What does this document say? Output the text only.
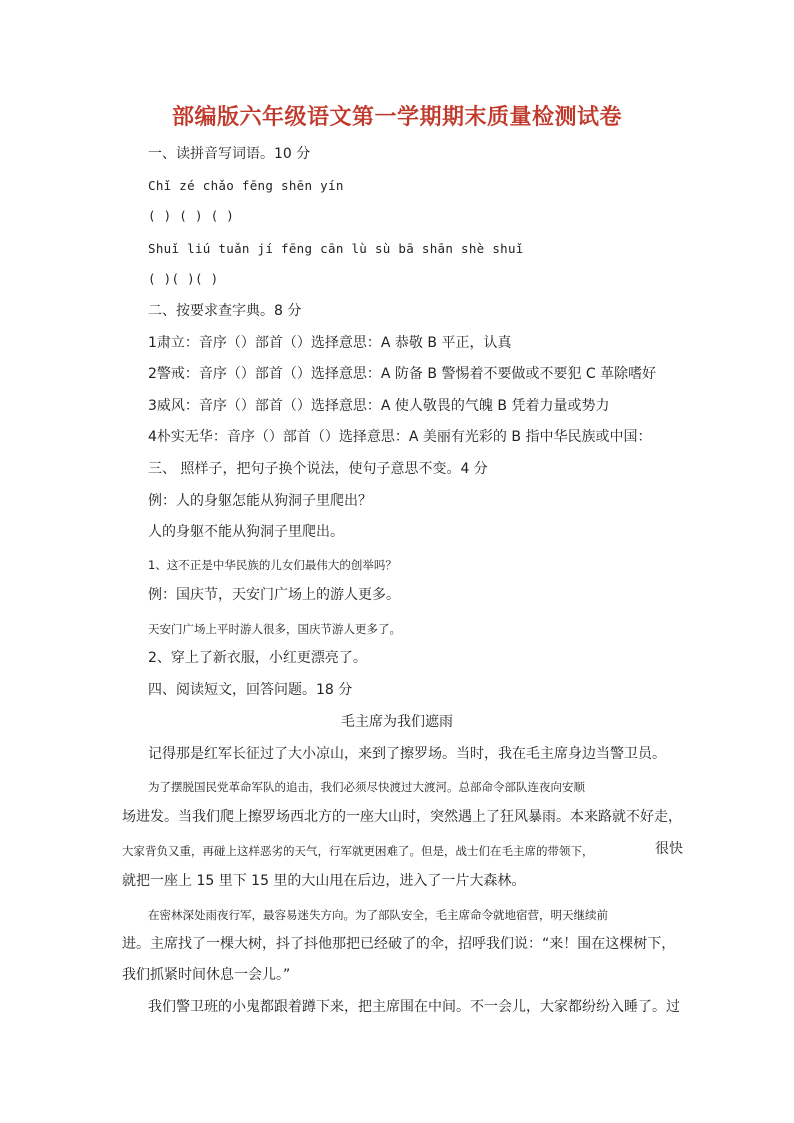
部编版六年级语文第一学期期末质量检测试卷
一、读拼音写词语。10 分
Chǐ zé chǎo fēng shēn yín
( ) ( ) ( )
Shuǐ liú tuǎn jí fēng cān lù sù bā shān shè shuǐ
( )( )( )
二、按要求查字典。8 分
1肃立：音序（）部首（）选择意思：A 恭敬 B 平正，认真
2警戒：音序（）部首（）选择意思：A 防备 B 警惕着不要做或不要犯 C 革除嗜好
3威风：音序（）部首（）选择意思：A 使人敬畏的气魄 B 凭着力量或势力
4朴实无华：音序（）部首（）选择意思：A 美丽有光彩的 B 指中华民族或中国：
三、 照样子，把句子换个说法，使句子意思不变。4 分
例：人的身躯怎能从狗洞子里爬出？
人的身躯不能从狗洞子里爬出。
1、这不正是中华民族的儿女们最伟大的创举吗？
例：国庆节，天安门广场上的游人更多。
天安门广场上平时游人很多，国庆节游人更多了。
2、穿上了新衣服，小红更漂亮了。
四、阅读短文，回答问题。18 分
毛主席为我们遮雨
记得那是红军长征过了大小凉山，来到了擦罗场。当时，我在毛主席身边当警卫员。
为了摆脱国民党革命军队的追击，我们必须尽快渡过大渡河。总部命令部队连夜向安顺
场进发。当我们爬上擦罗场西北方的一座大山时，突然遇上了狂风暴雨。本来路就不好走，
大家背负又重，再碰上这样恶劣的天气，行军就更困难了。但是，战士们在毛主席的带领下，	很快
就把一座上 15 里下 15 里的大山甩在后边，进入了一片大森林。
在密林深处雨夜行军，最容易迷失方向。为了部队安全，毛主席命令就地宿营，明天继续前
进。主席找了一棵大树，抖了抖他那把已经破了的伞，招呼我们说：“来！围在这棵树下，
我们抓紧时间休息一会儿。”
我们警卫班的小鬼都跟着蹲下来，把主席围在中间。不一会儿，大家都纷纷入睡了。过
